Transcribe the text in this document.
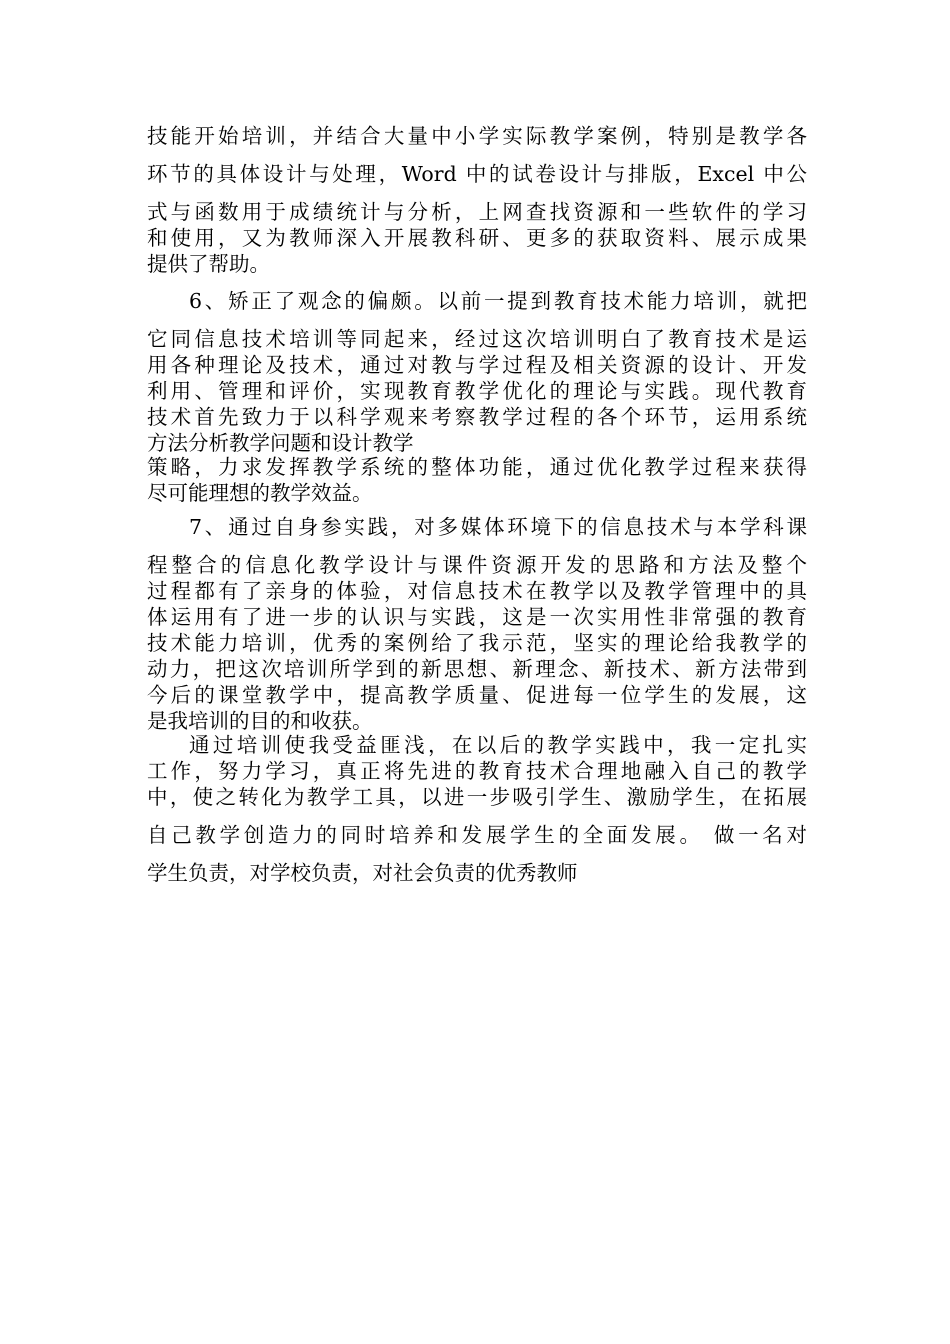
技能开始培训，并结合大量中小学实际教学案例，特别是教学各
环节的具体设计与处理，Word 中的试卷设计与排版，Excel 中公
式与函数用于成绩统计与分析，上网查找资源和一些软件的学习
和使用，又为教师深入开展教科研、更多的获取资料、展示成果
提供了帮助。
6、矫正了观念的偏颇。以前一提到教育技术能力培训，就把
它同信息技术培训等同起来，经过这次培训明白了教育技术是运
用各种理论及技术，通过对教与学过程及相关资源的设计、开发
利用、管理和评价，实现教育教学优化的理论与实践。现代教育
技术首先致力于以科学观来考察教学过程的各个环节，运用系统
方法分析教学问题和设计教学
策略，力求发挥教学系统的整体功能，通过优化教学过程来获得
尽可能理想的教学效益。
7、通过自身参实践，对多媒体环境下的信息技术与本学科课
程整合的信息化教学设计与课件资源开发的思路和方法及整个
过程都有了亲身的体验，对信息技术在教学以及教学管理中的具
体运用有了进一步的认识与实践，这是一次实用性非常强的教育
技术能力培训，优秀的案例给了我示范，坚实的理论给我教学的
动力，把这次培训所学到的新思想、新理念、新技术、新方法带到
今后的课堂教学中，提高教学质量、促进每一位学生的发展，这
是我培训的目的和收获。
通过培训使我受益匪浅，在以后的教学实践中，我一定扎实
工作，努力学习，真正将先进的教育技术合理地融入自己的教学
中，使之转化为教学工具，以进一步吸引学生、激励学生，在拓展
自己教学创造力的同时培养和发展学生的全面发展。 做一名对
学生负责，对学校负责，对社会负责的优秀教师
